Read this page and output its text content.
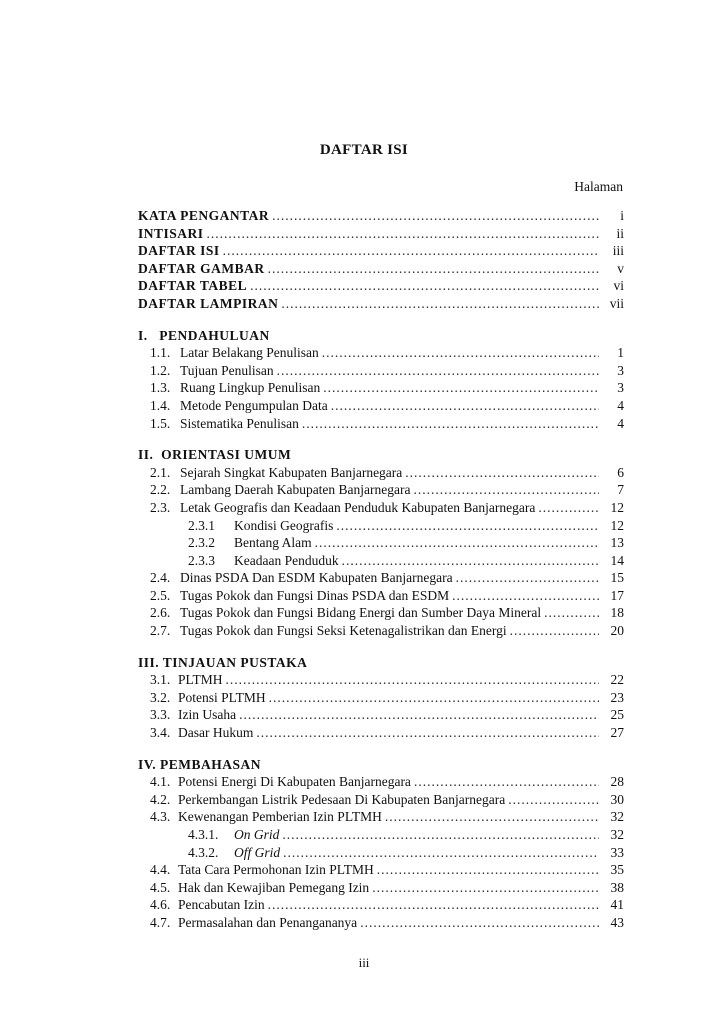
DAFTAR ISI
Halaman
KATA PENGANTAR .....	i
INTISARI .....	ii
DAFTAR ISI .....	iii
DAFTAR GAMBAR .....	v
DAFTAR TABEL .....	vi
DAFTAR LAMPIRAN .....	vii
I.   PENDAHULUAN
1.1. Latar Belakang Penulisan .....	1
1.2. Tujuan Penulisan .....	3
1.3. Ruang Lingkup Penulisan .....	3
1.4. Metode Pengumpulan Data .....	4
1.5. Sistematika Penulisan .....	4
II.  ORIENTASI UMUM
2.1. Sejarah Singkat Kabupaten Banjarnegara .....	6
2.2. Lambang Daerah Kabupaten Banjarnegara .....	7
2.3. Letak Geografis dan Keadaan Penduduk Kabupaten Banjarnegara .....	12
2.3.1 Kondisi Geografis .....	12
2.3.2 Bentang Alam .....	13
2.3.3 Keadaan Penduduk .....	14
2.4. Dinas PSDA Dan ESDM Kabupaten Banjarnegara .....	15
2.5. Tugas Pokok dan Fungsi Dinas PSDA dan ESDM .....	17
2.6. Tugas Pokok dan Fungsi Bidang Energi dan Sumber Daya Mineral .....	18
2.7. Tugas Pokok dan Fungsi Seksi Ketenagalistrikan dan Energi .....	20
III. TINJAUAN PUSTAKA
3.1. PLTMH .....	22
3.2. Potensi PLTMH .....	23
3.3. Izin Usaha .....	25
3.4. Dasar Hukum .....	27
IV. PEMBAHASAN
4.1. Potensi Energi Di Kabupaten Banjarnegara .....	28
4.2. Perkembangan Listrik Pedesaan Di Kabupaten Banjarnegara .....	30
4.3. Kewenangan Pemberian Izin PLTMH .....	32
4.3.1. On Grid .....	32
4.3.2. Off Grid .....	33
4.4. Tata Cara Permohonan Izin PLTMH .....	35
4.5. Hak dan Kewajiban Pemegang Izin .....	38
4.6. Pencabutan Izin .....	41
4.7. Permasalahan dan Penangananya .....	43
iii
